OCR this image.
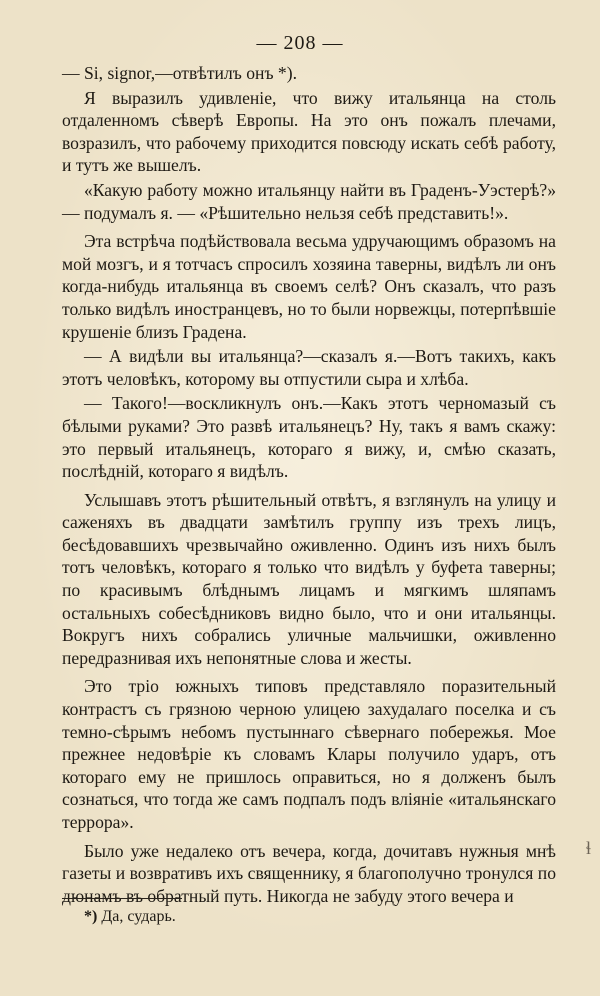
— 208 —

— Si, signor,—отвѣтилъ онъ *).

Я выразилъ удивленіе, что вижу итальянца на столь отдаленномъ сѣверѣ Европы. На это онъ пожалъ плечами, возразилъ, что рабочему приходится повсюду искать себѣ работу, и тутъ же вышелъ.

«Какую работу можно итальянцу найти въ Граденъ-Уэстерѣ?» — подумалъ я. — «Рѣшительно нельзя себѣ представить!».

Эта встрѣча подѣйствовала весьма удручающимъ образомъ на мой мозгъ, и я тотчасъ спросилъ хозяина таверны, видѣлъ ли онъ когда-нибудь итальянца въ своемъ селѣ? Онъ сказалъ, что разъ только видѣлъ иностранцевъ, но то были норвежцы, потерпѣвшіе крушеніе близъ Градена.

— А видѣли вы итальянца?—сказалъ я.—Вотъ такихъ, какъ этотъ человѣкъ, которому вы отпустили сыра и хлѣба.

— Такого!—воскликнулъ онъ.—Какъ этотъ черномазый съ бѣлыми руками? Это развѣ итальянецъ? Ну, такъ я вамъ скажу: это первый итальянецъ, котораго я вижу, и, смѣю сказать, послѣдній, котораго я видѣлъ.

Услышавъ этотъ рѣшительный отвѣтъ, я взглянулъ на улицу и саженяхъ въ двадцати замѣтилъ группу изъ трехъ лицъ, бесѣдовавшихъ чрезвычайно оживленно. Одинъ изъ нихъ былъ тотъ человѣкъ, котораго я только что видѣлъ у буфета таверны; по красивымъ блѣднымъ лицамъ и мягкимъ шляпамъ остальныхъ собесѣдниковъ видно было, что и они итальянцы. Вокругъ нихъ собрались уличные мальчишки, оживленно передразнивая ихъ непонятные слова и жесты.

Это тріо южныхъ типовъ представляло поразительный контрастъ съ грязною черною улицею захудалаго поселка и съ темно-сѣрымъ небомъ пустыннаго сѣвернаго побережья. Мое прежнее недовѣріе къ словамъ Клары получило ударъ, отъ котораго ему не пришлось оправиться, но я долженъ былъ сознаться, что тогда же самъ подпалъ подъ вліяніе «итальянскаго террора».

Было уже недалеко отъ вечера, когда, дочитавъ нужныя мнѣ газеты и возвративъ ихъ священнику, я благополучно тронулся по дюнамъ въ обратный путь. Никогда не забуду этого вечера и

*) Да, сударь.
ɬ
